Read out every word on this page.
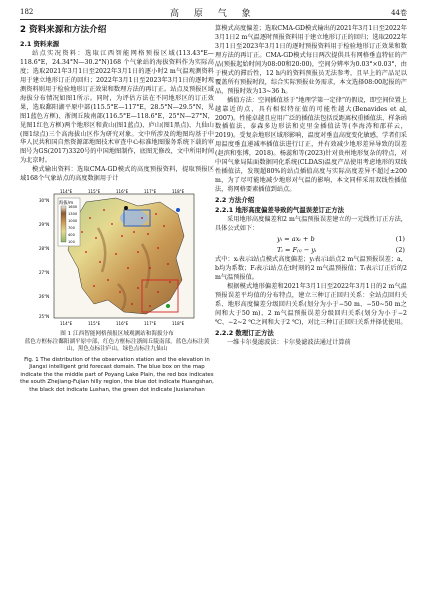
182	高 原 气 象	44卷
2 资料来源和方法介绍
2.1 资料来源

站点实况资料：选取江西智能网格预报区域(113.43°E—118.6°E，24.34°N—30.2°N)168 个气象站的海拔资料作为实际高度；选取2021年3月1日至2022年3月1日的逐小时2 m气温观测资料用于建立地形订正的回归；2022年3月1日至2023年3月1日的逐时观测资料则用于检验地形订正效果和数理方法的再订正。站点及预报区域海拔分布情况如图1所示。同时，为评估方法在不同地形区的订正效果，选取鄱阳湖平原中部(115.5°E—117°E，28.5°N—29.5°N，见图1蓝色方框)、浙闽丘陵南部(116.5°E—118.6°E，25°N—27°N，见图1红色方框)两个地形区和黄山(图1蓝点)、庐山(图1黑点)、九仙山(图1绿点)三个高海拔山区作为研究对象。文中所涉及的地图均基于中华人民共和国自然资源部地图技术审查中心标准地图服务系统下载的审图号为GS(2017)3320号的中国地图制作，底图无修改，文中所用时间为北京时。

模式输出资料：选取CMA-GD模式的高度预报资料，提取预报区域168个气象站点的高度数据用于计

海拔/m
1600
1300
1000
700
400
100
114°E	115°E	116°E	117°E	118°E
114°E	115°E	116°E	117°E	118°E
30°N
29°N
28°N
27°N
26°N
25°N
图 1 江西智能网格预报区域观测站和海拔分布
蓝色方框标注鄱阳湖平原中部，红色方框标注浙闽丘陵南部，蓝色点标注黄山，黑色点标注庐山，绿色点标注九仙山
Fig. 1 The distribution of the observation station and the elevation in Jiangxi intelligent grid forecast domain. The blue box on the map indicate the the middle part of Poyang Lake Plain, the red box indicates the south Zhejiang-Fujian hilly region, the blue dot indicate Huangshan, the black dot indicate Lushan, the green dot indicate Jiuxianshan

算模式高度偏差；选取CMA-GD模式输出的2021年3月1日至2022年3月1日2 m气温逐时预报资料用于建立地形订正的回归；选取2022年3月1日至2023年3月1日的逐时预报资料用于检验地形订正效果和数理方法的再订正。CMA-GD模式每日两次提供具有网格垂直特征的产品(预报起始时间为08:00和20:00)，空间分辨率为0.03°×0.03°，由于模式的滞后性，12 h内的资料预报员无法参考，且早上的产品足以覆盖所有预报时段，综合实际预报业务需求，本文选择08:00起报的产品，预报时效为13~36 h。

插值方法：空间插值基于“地理学第一定律”的假设，即空间位置上越靠近的点，具有相似特征值的可能性越大(Benavides et al, 2007)。性能卓越且应用广泛的插值法包括反距离权重插值法、样条函数插值法、泰森多边形法和克里金插值法等(李海涛和邵祥云，2019)。受复杂地形区域形影响，温度对垂直高度变化敏感，学者们采用温度垂直递减率插值法进行订正，并有效减少地形差异导致的误差(赵滨和张博，2018)。杨蕊和等(2023)针对贵州地形复杂的特点，对中国气象局陆面数据同化系统(CLDAS)温度产品使用考虑地形的双线性插值法，发现超80%的站点插值高度与实际高度差异不超过±200 m，为了尽可能地减少地形对气温的影响，本文同样采用双线性插值法，将网格要素插值到站点。

2.2 方法介绍
2.2.1 地形高度偏差导致的气温误差订正方法

采用地形高度偏差和2 m气温预报误差建立的一元线性订正方法，具体公式如下：

yᵢ = axᵢ + b	(1)
Tᵢ = F₍ᵢ₎ − yᵢ	(2)

式中：xᵢ表示i站点模式高度偏差；yᵢ表示i站点2 m气温预报误差；a，b均为系数；Fᵢ表示i站点在t时刻的2 m气温预报值；Tᵢ表示订正后的2 m气温预报值。

根据模式地形偏差和2021年3月1日至2022年3月1日的2 m气温预报误差平均值的分布特点，建立三种订正回归关系：全站点回归关系、地形高度偏差分级回归关系(划分为小于−50 m、−50~50 m之间和大于50 m)、2 m气温预报误差分级回归关系(划分为小于−2 ℃、−2~2 ℃之间和大于2 ℃)，对比三种订正回归关系并择优使用。

2.2.2 数理订正方法

一维卡尔曼滤波法：卡尔曼滤波法通过计算前
